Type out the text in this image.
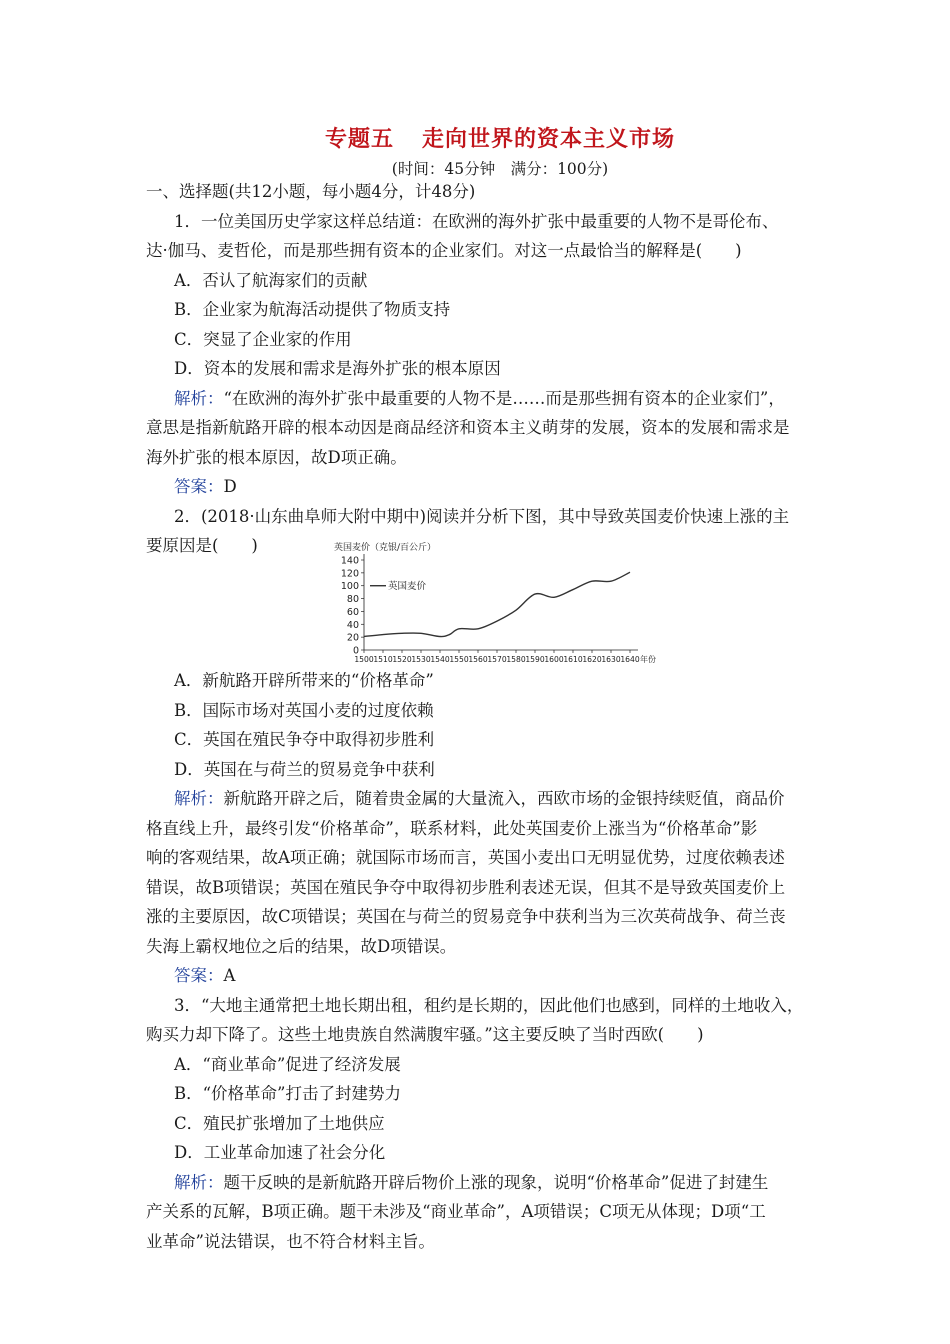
专题五 走向世界的资本主义市场
(时间：45分钟　满分：100分)
一、选择题(共12小题，每小题4分，计48分)
1．一位美国历史学家这样总结道：在欧洲的海外扩张中最重要的人物不是哥伦布、
达·伽马、麦哲伦，而是那些拥有资本的企业家们。对这一点最恰当的解释是(　　)
A．否认了航海家们的贡献
B．企业家为航海活动提供了物质支持
C．突显了企业家的作用
D．资本的发展和需求是海外扩张的根本原因
解析：“在欧洲的海外扩张中最重要的人物不是……而是那些拥有资本的企业家们”，
意思是指新航路开辟的根本动因是商品经济和资本主义萌芽的发展，资本的发展和需求是
海外扩张的根本原因，故D项正确。
答案：D
2．(2018·山东曲阜师大附中期中)阅读并分析下图，其中导致英国麦价快速上涨的主
要原因是(　　)	英国麦价（克银/百公斤）
0
20
40
60
80
100
120
140
1500 1510 1520 1530 1540 1550 1560 1570 1580 1590 1600 1610 1620 1630 1640 年份
英国麦价
A．新航路开辟所带来的“价格革命”
B．国际市场对英国小麦的过度依赖
C．英国在殖民争夺中取得初步胜利
D．英国在与荷兰的贸易竞争中获利
解析：新航路开辟之后，随着贵金属的大量流入，西欧市场的金银持续贬值，商品价
格直线上升，最终引发“价格革命”，联系材料，此处英国麦价上涨当为“价格革命”影
响的客观结果，故A项正确；就国际市场而言，英国小麦出口无明显优势，过度依赖表述
错误，故B项错误；英国在殖民争夺中取得初步胜利表述无误，但其不是导致英国麦价上
涨的主要原因，故C项错误；英国在与荷兰的贸易竞争中获利当为三次英荷战争、荷兰丧
失海上霸权地位之后的结果，故D项错误。
答案：A
3．“大地主通常把土地长期出租，租约是长期的，因此他们也感到，同样的土地收入，
购买力却下降了。这些土地贵族自然满腹牢骚。”这主要反映了当时西欧(　　)
A．“商业革命”促进了经济发展
B．“价格革命”打击了封建势力
C．殖民扩张增加了土地供应
D．工业革命加速了社会分化
解析：题干反映的是新航路开辟后物价上涨的现象，说明“价格革命”促进了封建生
产关系的瓦解，B项正确。题干未涉及“商业革命”，A项错误；C项无从体现；D项“工
业革命”说法错误，也不符合材料主旨。
